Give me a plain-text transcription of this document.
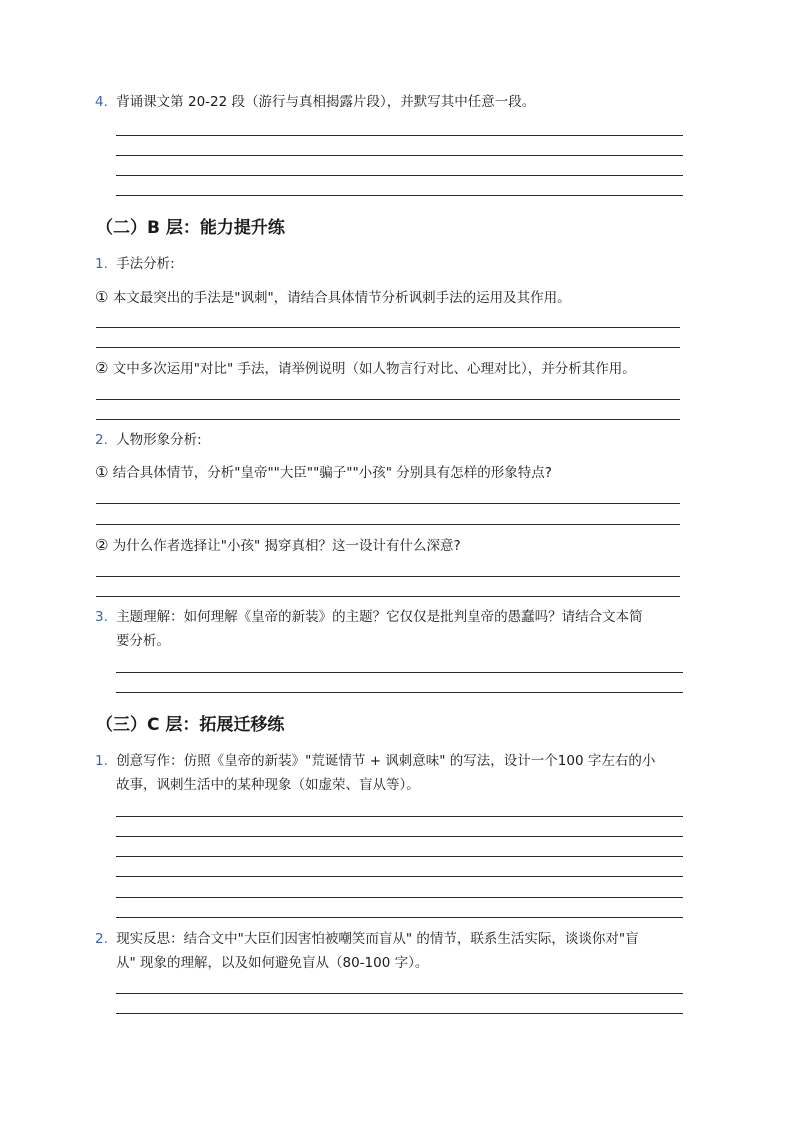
4. 背诵课文第 20-22 段（游行与真相揭露片段），并默写其中任意一段。
（二）B 层：能力提升练
1. 手法分析:
① 本文最突出的手法是"讽刺"，请结合具体情节分析讽刺手法的运用及其作用。
② 文中多次运用"对比" 手法，请举例说明（如人物言行对比、心理对比），并分析其作用。
2. 人物形象分析:
① 结合具体情节，分析"皇帝""大臣""骗子""小孩" 分别具有怎样的形象特点?
② 为什么作者选择让"小孩" 揭穿真相？这一设计有什么深意?
3. 主题理解：如何理解《皇帝的新装》的主题？它仅仅是批判皇帝的愚蠢吗？请结合文本简
要分析。
（三）C 层：拓展迁移练
1. 创意写作：仿照《皇帝的新装》"荒诞情节 + 讽刺意味" 的写法，设计一个100 字左右的小
故事，讽刺生活中的某种现象（如虚荣、盲从等）。
2. 现实反思：结合文中"大臣们因害怕被嘲笑而盲从" 的情节，联系生活实际，谈谈你对"盲
从" 现象的理解，以及如何避免盲从（80-100 字）。
